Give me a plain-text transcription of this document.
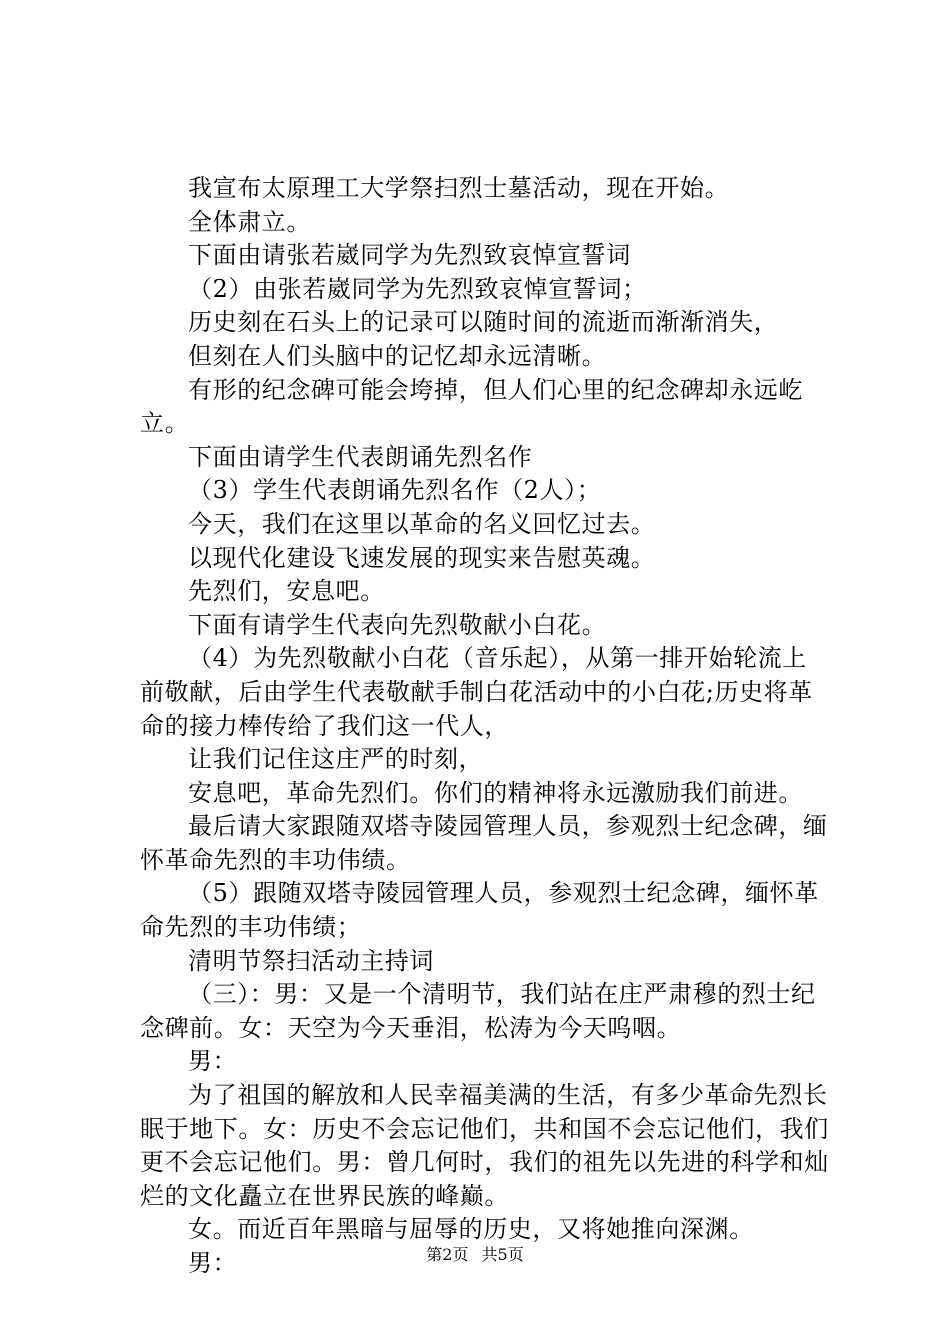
我宣布太原理工大学祭扫烈士墓活动，现在开始。

全体肃立。

下面由请张若崴同学为先烈致哀悼宣誓词

（2）由张若崴同学为先烈致哀悼宣誓词；

历史刻在石头上的记录可以随时间的流逝而渐渐消失，

但刻在人们头脑中的记忆却永远清晰。

有形的纪念碑可能会垮掉，但人们心里的纪念碑却永远屹立。

下面由请学生代表朗诵先烈名作

（3）学生代表朗诵先烈名作（2人）；

今天，我们在这里以革命的名义回忆过去。

以现代化建设飞速发展的现实来告慰英魂。

先烈们，安息吧。

下面有请学生代表向先烈敬献小白花。

（4）为先烈敬献小白花（音乐起），从第一排开始轮流上前敬献，后由学生代表敬献手制白花活动中的小白花;历史将革命的接力棒传给了我们这一代人，

让我们记住这庄严的时刻，

安息吧，革命先烈们。你们的精神将永远激励我们前进。

最后请大家跟随双塔寺陵园管理人员，参观烈士纪念碑，缅怀革命先烈的丰功伟绩。

（5）跟随双塔寺陵园管理人员，参观烈士纪念碑，缅怀革命先烈的丰功伟绩；

清明节祭扫活动主持词

（三）：男：又是一个清明节，我们站在庄严肃穆的烈士纪念碑前。女：天空为今天垂泪，松涛为今天呜咽。

男：

为了祖国的解放和人民幸福美满的生活，有多少革命先烈长眠于地下。女：历史不会忘记他们，共和国不会忘记他们，我们更不会忘记他们。男：曾几何时，我们的祖先以先进的科学和灿烂的文化矗立在世界民族的峰巅。

女。而近百年黑暗与屈辱的历史，又将她推向深渊。

男：	第2页 共5页
